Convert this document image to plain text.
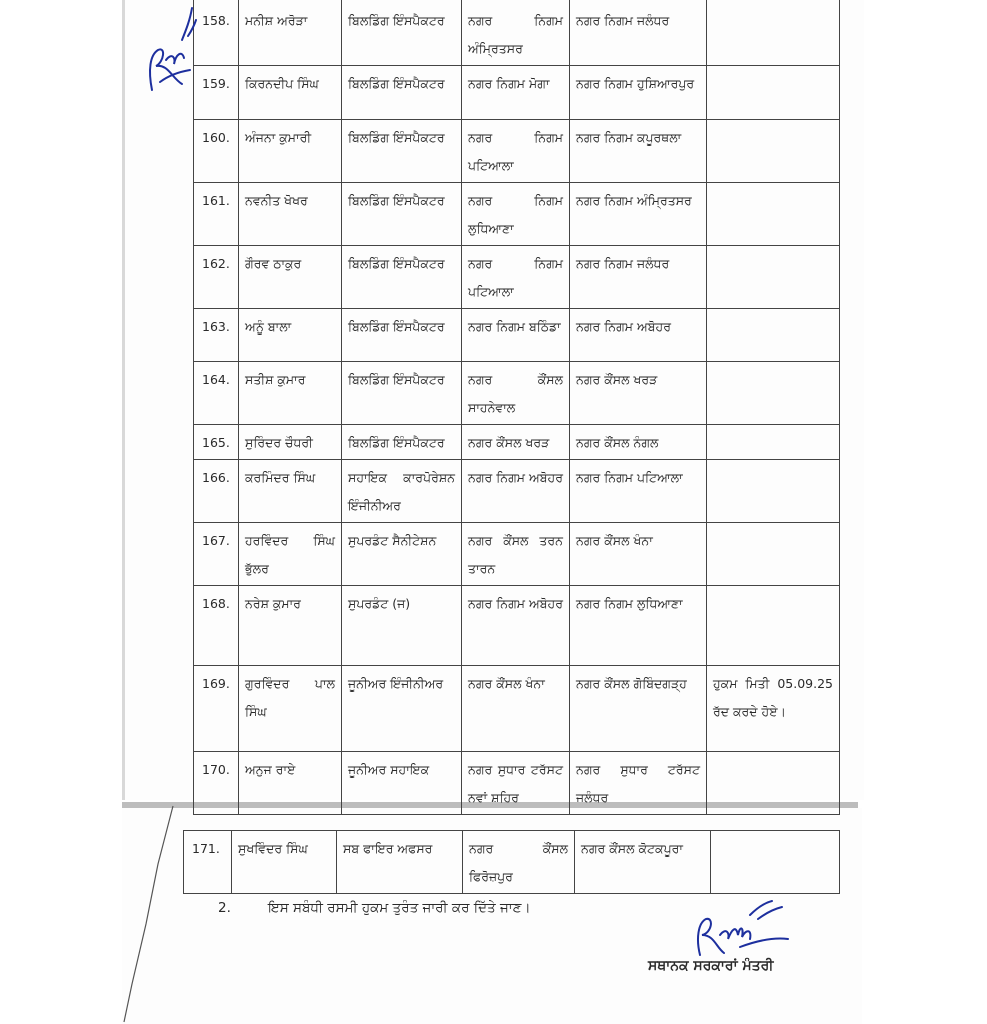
158.	ਮਨੀਸ਼ ਅਰੋੜਾ	ਬਿਲਡਿੰਗ ਇੰਸਪੈਕਟਰ	ਨਗਰ ਨਿਗਮ ਅੰਮ੍ਰਿਤਸਰ	ਨਗਰ ਨਿਗਮ ਜਲੰਧਰ	
159.	ਕਿਰਨਦੀਪ ਸਿੰਘ	ਬਿਲਡਿੰਗ ਇੰਸਪੈਕਟਰ	ਨਗਰ ਨਿਗਮ ਮੋਗਾ	ਨਗਰ ਨਿਗਮ ਹੁਸ਼ਿਆਰਪੁਰ	
160.	ਅੰਜਨਾ ਕੁਮਾਰੀ	ਬਿਲਡਿੰਗ ਇੰਸਪੈਕਟਰ	ਨਗਰ ਨਿਗਮ ਪਟਿਆਲਾ	ਨਗਰ ਨਿਗਮ ਕਪੂਰਥਲਾ	
161.	ਨਵਨੀਤ ਖੋਖਰ	ਬਿਲਡਿੰਗ ਇੰਸਪੈਕਟਰ	ਨਗਰ ਨਿਗਮ ਲੁਧਿਆਣਾ	ਨਗਰ ਨਿਗਮ ਅੰਮ੍ਰਿਤਸਰ	
162.	ਗੌਰਵ ਠਾਕੁਰ	ਬਿਲਡਿੰਗ ਇੰਸਪੈਕਟਰ	ਨਗਰ ਨਿਗਮ ਪਟਿਆਲਾ	ਨਗਰ ਨਿਗਮ ਜਲੰਧਰ	
163.	ਅਨੂੰ ਬਾਲਾ	ਬਿਲਡਿੰਗ ਇੰਸਪੈਕਟਰ	ਨਗਰ ਨਿਗਮ ਬਠਿੰਡਾ	ਨਗਰ ਨਿਗਮ ਅਬੋਹਰ	
164.	ਸਤੀਸ਼ ਕੁਮਾਰ	ਬਿਲਡਿੰਗ ਇੰਸਪੈਕਟਰ	ਨਗਰ ਕੌਂਸਲ ਸਾਹਨੇਵਾਲ	ਨਗਰ ਕੌਂਸਲ ਖਰੜ	
165.	ਸੁਰਿੰਦਰ ਚੌਧਰੀ	ਬਿਲਡਿੰਗ ਇੰਸਪੈਕਟਰ	ਨਗਰ ਕੌਂਸਲ ਖਰੜ	ਨਗਰ ਕੌਂਸਲ ਨੰਗਲ	
166.	ਕਰਮਿੰਦਰ ਸਿੰਘ	ਸਹਾਇਕ ਕਾਰਪੋਰੇਸ਼ਨ ਇੰਜੀਨੀਅਰ	ਨਗਰ ਨਿਗਮ ਅਬੋਹਰ	ਨਗਰ ਨਿਗਮ ਪਟਿਆਲਾ	
167.	ਹਰਵਿੰਦਰ ਸਿੰਘ ਭੁੱਲਰ	ਸੁਪਰਡੰਟ ਸੈਨੀਟੇਸ਼ਨ	ਨਗਰ ਕੌਂਸਲ ਤਰਨ ਤਾਰਨ	ਨਗਰ ਕੌਂਸਲ ਖੰਨਾ	
168.	ਨਰੇਸ਼ ਕੁਮਾਰ	ਸੁਪਰਡੰਟ (ਜ)	ਨਗਰ ਨਿਗਮ ਅਬੋਹਰ	ਨਗਰ ਨਿਗਮ ਲੁਧਿਆਣਾ	
169.	ਗੁਰਵਿੰਦਰ ਪਾਲ ਸਿੰਘ	ਜੂਨੀਅਰ ਇੰਜੀਨੀਅਰ	ਨਗਰ ਕੌਂਸਲ ਖੰਨਾ	ਨਗਰ ਕੌਂਸਲ ਗੋਬਿੰਦਗੜ੍ਹ	ਹੁਕਮ ਮਿਤੀ 05.09.25 ਰੱਦ ਕਰਦੇ ਹੋਏ।
170.	ਅਨੁਜ ਰਾਏ	ਜੂਨੀਅਰ ਸਹਾਇਕ	ਨਗਰ ਸੁਧਾਰ ਟਰੱਸਟ ਨਵਾਂ ਸ਼ਹਿਰ	ਨਗਰ ਸੁਧਾਰ ਟਰੱਸਟ ਜਲੰਧਰ	
171.	ਸੁਖਵਿੰਦਰ ਸਿੰਘ	ਸਬ ਫਾਇਰ ਅਫਸਰ	ਨਗਰ ਕੌਂਸਲ ਫਿਰੋਜ਼ਪੁਰ	ਨਗਰ ਕੌਂਸਲ ਕੋਟਕਪੂਰਾ	
2.	ਇਸ ਸਬੰਧੀ ਰਸਮੀ ਹੁਕਮ ਤੁਰੰਤ ਜਾਰੀ ਕਰ ਦਿੱਤੇ ਜਾਣ।
ਸਥਾਨਕ ਸਰਕਾਰਾਂ ਮੰਤਰੀ
